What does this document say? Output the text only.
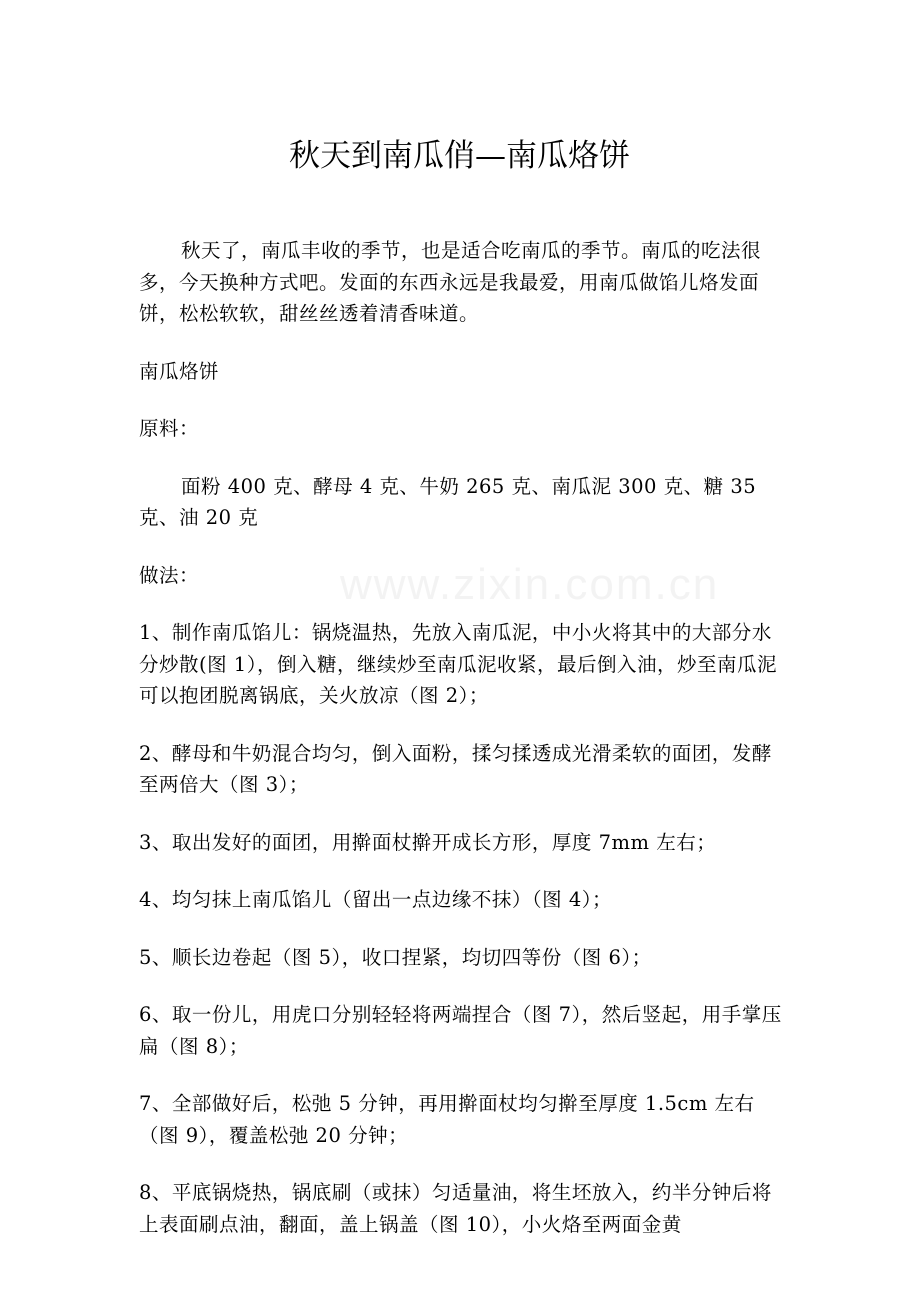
www.zixin.com.cn
秋天到南瓜俏—南瓜烙饼

秋天了，南瓜丰收的季节，也是适合吃南瓜的季节。南瓜的吃法很多，今天换种方式吧。发面的东西永远是我最爱，用南瓜做馅儿烙发面饼，松松软软，甜丝丝透着清香味道。

南瓜烙饼

原料：

面粉 400 克、酵母 4 克、牛奶 265 克、南瓜泥 300 克、糖 35 克、油 20 克

做法：

1、制作南瓜馅儿：锅烧温热，先放入南瓜泥，中小火将其中的大部分水分炒散(图 1），倒入糖，继续炒至南瓜泥收紧，最后倒入油，炒至南瓜泥可以抱团脱离锅底，关火放凉（图 2）；

2、酵母和牛奶混合均匀，倒入面粉，揉匀揉透成光滑柔软的面团，发酵至两倍大（图 3）；

3、取出发好的面团，用擀面杖擀开成长方形，厚度 7mm 左右；

4、均匀抹上南瓜馅儿（留出一点边缘不抹）（图 4）；

5、顺长边卷起（图 5），收口捏紧，均切四等份（图 6）；

6、取一份儿，用虎口分别轻轻将两端捏合（图 7），然后竖起，用手掌压扁（图 8）；

7、全部做好后，松弛 5 分钟，再用擀面杖均匀擀至厚度 1.5cm 左右（图 9），覆盖松弛 20 分钟；

8、平底锅烧热，锅底刷（或抹）匀适量油，将生坯放入，约半分钟后将上表面刷点油，翻面，盖上锅盖（图 10），小火烙至两面金黄
